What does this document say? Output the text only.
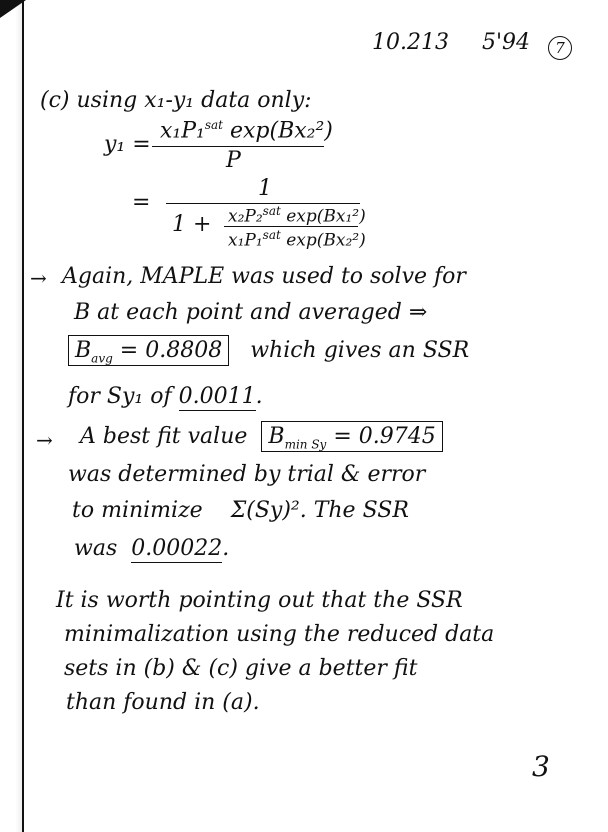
10.213 5'94	7
(c) using x₁-y₁ data only:
y₁ =
x₁P₁$^{sat}$ exp(Bx₂²)
P
=
1
1 + x₂P₂$^{sat}$ exp(Bx₁²)
x₁P₁$^{sat}$ exp(Bx₂²)
→ Again, MAPLE was used to solve for
B at each point and averaged ⇒
$B_{avg} = 0.8808$ which gives an SSR
for Sy₁ of 0.0011.
→ A best fit value $B_{min Sy} = 0.9745$
was determined by trial & error
to minimize Σ(Sy)². The SSR
was 0.00022.
It is worth pointing out that the SSR
minimalization using the reduced data
sets in (b) & (c) give a better fit
than found in (a).
3
